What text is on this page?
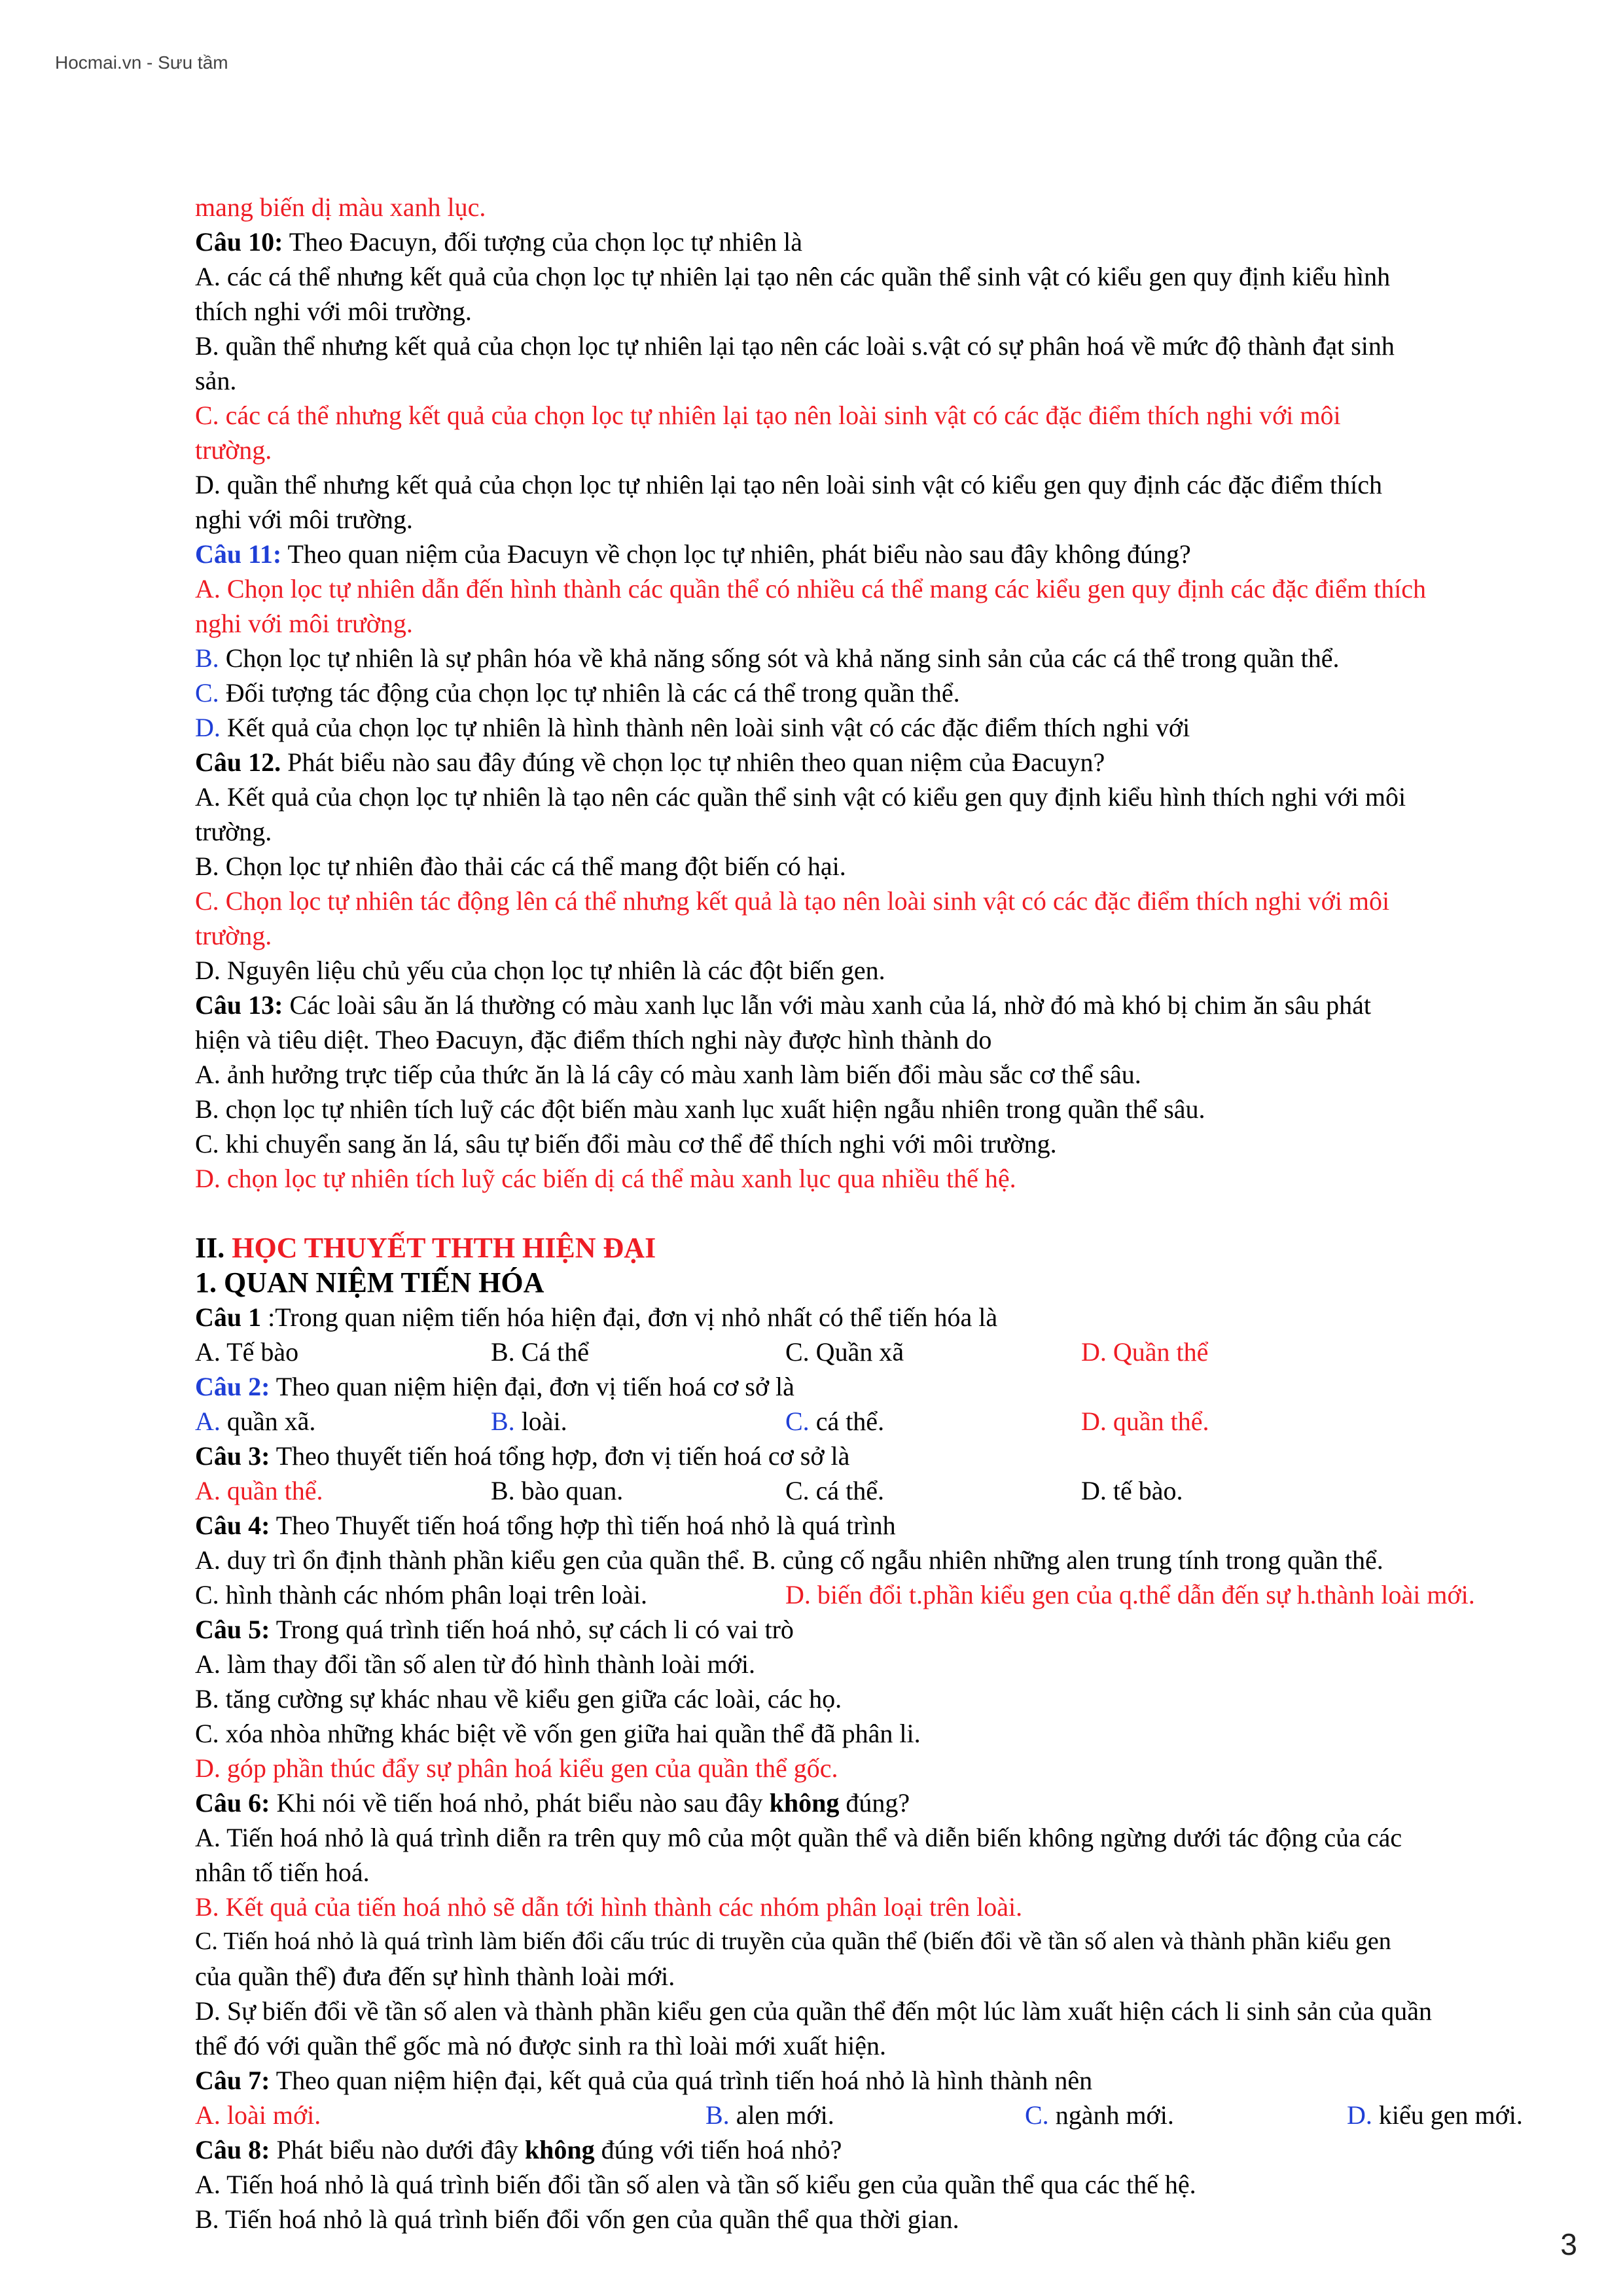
Hocmai.vn - Sưu tầm

mang biến dị màu xanh lục.

Câu 10: Theo Đacuyn, đối tượng của chọn lọc tự nhiên là

A. các cá thể nhưng kết quả của chọn lọc tự nhiên lại tạo nên các quần thể sinh vật có kiểu gen quy định kiểu hình

thích nghi với môi trường.

B. quần thể nhưng kết quả của chọn lọc tự nhiên lại tạo nên các loài s.vật có sự phân hoá về mức độ thành đạt sinh

sản.

C. các cá thể nhưng kết quả của chọn lọc tự nhiên lại tạo nên loài sinh vật có các đặc điểm thích nghi với môi

trường.

D. quần thể nhưng kết quả của chọn lọc tự nhiên lại tạo nên loài sinh vật có kiểu gen quy định các đặc điểm thích

nghi với môi trường.

Câu 11: Theo quan niệm của Đacuyn về chọn lọc tự nhiên, phát biểu nào sau đây không đúng?

A. Chọn lọc tự nhiên dẫn đến hình thành các quần thể có nhiều cá thể mang các kiểu gen quy định các đặc điểm thích

nghi với môi trường.

B. Chọn lọc tự nhiên là sự phân hóa về khả năng sống sót và khả năng sinh sản của các cá thể trong quần thể.

C. Đối tượng tác động của chọn lọc tự nhiên là các cá thể trong quần thể.

D. Kết quả của chọn lọc tự nhiên là hình thành nên loài sinh vật có các đặc điểm thích nghi với

Câu 12. Phát biểu nào sau đây đúng về chọn lọc tự nhiên theo quan niệm của Đacuyn?

A. Kết quả của chọn lọc tự nhiên là tạo nên các quần thể sinh vật có kiểu gen quy định kiểu hình thích nghi với môi

trường.

B. Chọn lọc tự nhiên đào thải các cá thể mang đột biến có hại.

C. Chọn lọc tự nhiên tác động lên cá thể nhưng kết quả là tạo nên loài sinh vật có các đặc điểm thích nghi với môi

trường.

D. Nguyên liệu chủ yếu của chọn lọc tự nhiên là các đột biến gen.

Câu 13: Các loài sâu ăn lá thường có màu xanh lục lẫn với màu xanh của lá, nhờ đó mà khó bị chim ăn sâu phát

hiện và tiêu diệt. Theo Đacuyn, đặc điểm thích nghi này được hình thành do

A. ảnh hưởng trực tiếp của thức ăn là lá cây có màu xanh làm biến đổi màu sắc cơ thể sâu.

B. chọn lọc tự nhiên tích luỹ các đột biến màu xanh lục xuất hiện ngẫu nhiên trong quần thể sâu.

C. khi chuyển sang ăn lá, sâu tự biến đổi màu cơ thể để thích nghi với môi trường.

D. chọn lọc tự nhiên tích luỹ các biến dị cá thể màu xanh lục qua nhiều thế hệ.

II. HỌC THUYẾT THTH HIỆN ĐẠI

1. QUAN NIỆM TIẾN HÓA

Câu 1 :Trong quan niệm tiến hóa hiện đại, đơn vị nhỏ nhất có thể tiến hóa là

A. Tế bào	B. Cá thể	C. Quần xã	D. Quần thể

Câu 2: Theo quan niệm hiện đại, đơn vị tiến hoá cơ sở là

A. quần xã.	B. loài.	C. cá thể.	D. quần thể.

Câu 3: Theo thuyết tiến hoá tổng hợp, đơn vị tiến hoá cơ sở là

A. quần thể.	B. bào quan.	C. cá thể.	D. tế bào.

Câu 4: Theo Thuyết tiến hoá tổng hợp thì tiến hoá nhỏ là quá trình

A. duy trì ổn định thành phần kiểu gen của quần thể. B. củng cố ngẫu nhiên những alen trung tính trong quần thể.

C. hình thành các nhóm phân loại trên loài.	D. biến đổi t.phần kiểu gen của q.thể dẫn đến sự h.thành loài mới.

Câu 5: Trong quá trình tiến hoá nhỏ, sự cách li có vai trò

A. làm thay đổi tần số alen từ đó hình thành loài mới.

B. tăng cường sự khác nhau về kiểu gen giữa các loài, các họ.

C. xóa nhòa những khác biệt về vốn gen giữa hai quần thể đã phân li.

D. góp phần thúc đẩy sự phân hoá kiểu gen của quần thể gốc.

Câu 6: Khi nói về tiến hoá nhỏ, phát biểu nào sau đây không đúng?

A. Tiến hoá nhỏ là quá trình diễn ra trên quy mô của một quần thể và diễn biến không ngừng dưới tác động của các

nhân tố tiến hoá.

B. Kết quả của tiến hoá nhỏ sẽ dẫn tới hình thành các nhóm phân loại trên loài.

C. Tiến hoá nhỏ là quá trình làm biến đổi cấu trúc di truyền của quần thể (biến đổi về tần số alen và thành phần kiểu gen

của quần thể) đưa đến sự hình thành loài mới.

D. Sự biến đổi về tần số alen và thành phần kiểu gen của quần thể đến một lúc làm xuất hiện cách li sinh sản của quần

thể đó với quần thể gốc mà nó được sinh ra thì loài mới xuất hiện.

Câu 7: Theo quan niệm hiện đại, kết quả của quá trình tiến hoá nhỏ là hình thành nên

A. loài mới.	B. alen mới.	C. ngành mới.	D. kiểu gen mới.

Câu 8: Phát biểu nào dưới đây không đúng với tiến hoá nhỏ?

A. Tiến hoá nhỏ là quá trình biến đổi tần số alen và tần số kiểu gen của quần thể qua các thế hệ.

B. Tiến hoá nhỏ là quá trình biến đổi vốn gen của quần thể qua thời gian.

3
